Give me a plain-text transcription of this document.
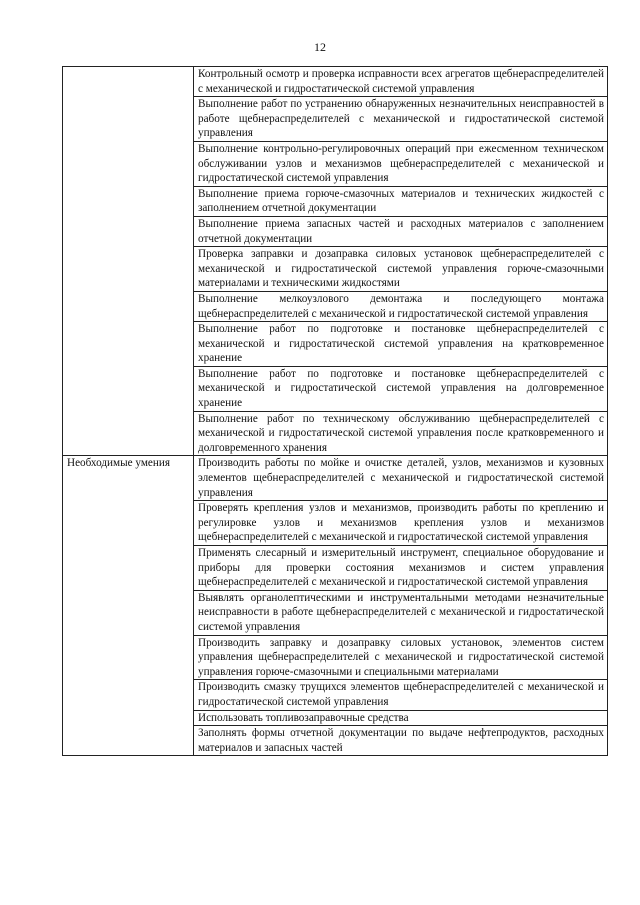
12
	Контрольный осмотр и проверка исправности всех агрегатов щебнераспределителей с механической и гидростатической системой управления
	Выполнение работ по устранению обнаруженных незначительных неисправностей в работе щебнераспределителей с механической и гидростатической системой управления
	Выполнение контрольно-регулировочных операций при ежесменном техническом обслуживании узлов и механизмов щебнераспределителей с механической и гидростатической системой управления
	Выполнение приема горюче-смазочных материалов и технических жидкостей с заполнением отчетной документации
	Выполнение приема запасных частей и расходных материалов с заполнением отчетной документации
	Проверка заправки и дозаправка силовых установок щебнераспределителей с механической и гидростатической системой управления горюче-смазочными материалами и техническими жидкостями
	Выполнение мелкоузлового демонтажа и последующего монтажа щебнераспределителей с механической и гидростатической системой управления
	Выполнение работ по подготовке и постановке щебнераспределителей с механической и гидростатической системой управления на кратковременное хранение
	Выполнение работ по подготовке и постановке щебнераспределителей с механической и гидростатической системой управления на долговременное хранение
	Выполнение работ по техническому обслуживанию щебнераспределителей с механической и гидростатической системой управления после кратковременного и долговременного хранения
Необходимые умения	Производить работы по мойке и очистке деталей, узлов, механизмов и кузовных элементов щебнераспределителей с механической и гидростатической системой управления
	Проверять крепления узлов и механизмов, производить работы по креплению и регулировке узлов и механизмов крепления узлов и механизмов щебнераспределителей с механической и гидростатической системой управления
	Применять слесарный и измерительный инструмент, специальное оборудование и приборы для проверки состояния механизмов и систем управления щебнераспределителей с механической и гидростатической системой управления
	Выявлять органолептическими и инструментальными методами незначительные неисправности в работе щебнераспределителей с механической и гидростатической системой управления
	Производить заправку и дозаправку силовых установок, элементов систем управления щебнераспределителей с механической и гидростатической системой управления горюче-смазочными и специальными материалами
	Производить смазку трущихся элементов щебнераспределителей с механической и гидростатической системой управления
	Использовать топливозаправочные средства
	Заполнять формы отчетной документации по выдаче нефтепродуктов, расходных материалов и запасных частей
